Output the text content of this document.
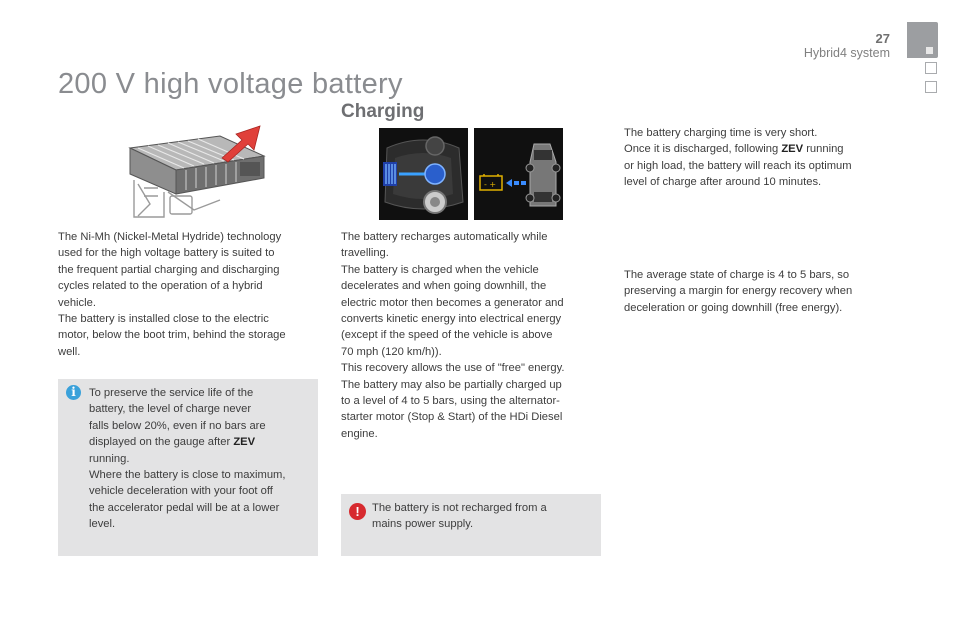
27
Hybrid4 system
200 V high voltage battery
Charging

The Ni-Mh (Nickel-Metal Hydride) technology
used for the high voltage battery is suited to
the frequent partial charging and discharging
cycles related to the operation of a hybrid
vehicle.
The battery is installed close to the electric
motor, below the boot trim, behind the storage
well.

i	To preserve the service life of the
battery, the level of charge never
falls below 20%, even if no bars are
displayed on the gauge after ZEV
running.
Where the battery is close to maximum,
vehicle deceleration with your foot off
the accelerator pedal will be at a lower
level.

- +

The battery recharges automatically while
travelling.
The battery is charged when the vehicle
decelerates and when going downhill, the
electric motor then becomes a generator and
converts kinetic energy into electrical energy
(except if the speed of the vehicle is above
70 mph (120 km/h)).
This recovery allows the use of "free" energy.
The battery may also be partially charged up
to a level of 4 to 5 bars, using the alternator-
starter motor (Stop & Start) of the HDi Diesel
engine.

!	The battery is not recharged from a
mains power supply.

The battery charging time is very short.
Once it is discharged, following ZEV running
or high load, the battery will reach its optimum
level of charge after around 10 minutes.

The average state of charge is 4 to 5 bars, so
preserving a margin for energy recovery when
deceleration or going downhill (free energy).
